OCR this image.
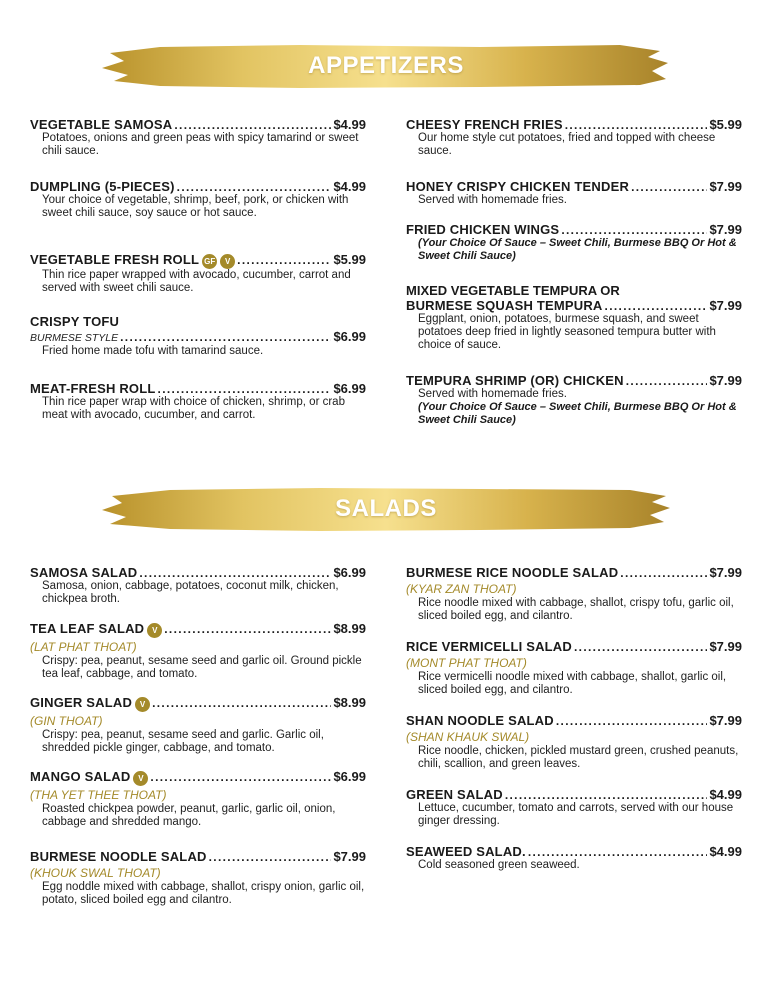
APPETIZERS
VEGETABLE SAMOSA . . .	$4.99
Potatoes, onions and green peas with spicy tamarind or sweet chili sauce.
DUMPLING (5-PIECES) . . .	$4.99
Your choice of vegetable, shrimp, beef, pork, or chicken with sweet chili sauce, soy sauce or hot sauce.
VEGETABLE FRESH ROLL GF	V . . .	$5.99
Thin rice paper wrapped with avocado, cucumber, carrot and served with sweet chili sauce.
CRISPY TOFU
BURMESE STYLE . . .	$6.99
Fried home made tofu with tamarind sauce.
MEAT-FRESH ROLL . . .	$6.99
Thin rice paper wrap with choice of chicken, shrimp, or crab meat with avocado, cucumber, and carrot.
CHEESY FRENCH FRIES . . .	$5.99
Our home style cut potatoes, fried and topped with cheese sauce.
HONEY CRISPY CHICKEN TENDER . . .	$7.99
Served with homemade fries.
FRIED CHICKEN WINGS . . .	$7.99
(Your Choice Of Sauce – Sweet Chili, Burmese BBQ Or Hot & Sweet Chili Sauce)
MIXED VEGETABLE TEMPURA OR
BURMESE SQUASH TEMPURA . . .	$7.99
Eggplant, onion, potatoes, burmese squash, and sweet potatoes deep fried in lightly seasoned tempura butter with choice of sauce.
TEMPURA SHRIMP (OR) CHICKEN . . .	$7.99
Served with homemade fries.
(Your Choice Of Sauce – Sweet Chili, Burmese BBQ Or Hot & Sweet Chili Sauce)
SALADS
SAMOSA SALAD . . .	$6.99
Samosa, onion, cabbage, potatoes, coconut milk, chicken, chickpea broth.
TEA LEAF SALAD V . . .	$8.99
(LAT PHAT THOAT)
Crispy: pea, peanut, sesame seed and garlic oil. Ground pickle tea leaf, cabbage, and tomato.
GINGER SALAD V . . .	$8.99
(GIN THOAT)
Crispy: pea, peanut, sesame seed and garlic. Garlic oil, shredded pickle ginger, cabbage, and tomato.
MANGO SALAD V . . .	$6.99
(THA YET THEE THOAT)
Roasted chickpea powder, peanut, garlic, garlic oil, onion, cabbage and shredded mango.
BURMESE NOODLE SALAD . . .	$7.99
(KHOUK SWAL THOAT)
Egg noddle mixed with cabbage, shallot, crispy onion, garlic oil, potato, sliced boiled egg and cilantro.
BURMESE RICE NOODLE SALAD . . .	$7.99
(KYAR ZAN THOAT)
Rice noodle mixed with cabbage, shallot, crispy tofu, garlic oil, sliced boiled egg, and cilantro.
RICE VERMICELLI SALAD . . .	$7.99
(MONT PHAT THOAT)
Rice vermicelli noodle mixed with cabbage, shallot, garlic oil, sliced boiled egg, and cilantro.
SHAN NOODLE SALAD . . .	$7.99
(SHAN KHAUK SWAL)
Rice noodle, chicken, pickled mustard green, crushed peanuts, chili, scallion, and green leaves.
GREEN SALAD . . .	$4.99
Lettuce, cucumber, tomato and carrots, served with our house ginger dressing.
SEAWEED SALAD. . . .	$4.99
Cold seasoned green seaweed.
